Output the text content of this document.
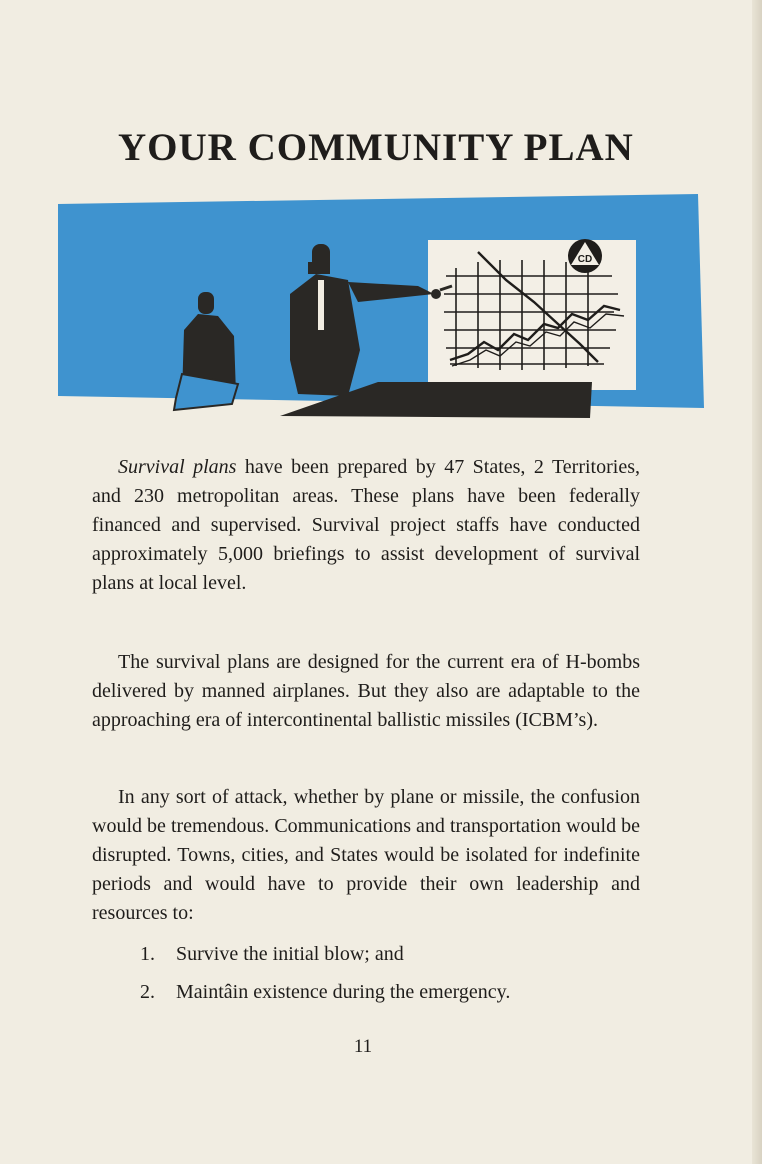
YOUR COMMUNITY PLAN
CD

Survival plans have been prepared by 47 States, 2 Territories, and 230 metropolitan areas. These plans have been federally financed and supervised. Survival project staffs have conducted approximately 5,000 briefings to assist development of survival plans at local level.

The survival plans are designed for the current era of H-bombs delivered by manned airplanes. But they also are adaptable to the approaching era of intercontinental ballistic missiles (ICBM’s).

In any sort of attack, whether by plane or missile, the confusion would be tremendous. Communications and transportation would be disrupted. Towns, cities, and States would be isolated for indefinite periods and would have to provide their own leadership and resources to:

1.	Survive the initial blow; and
2.	Maintâin existence during the emergency.
11
